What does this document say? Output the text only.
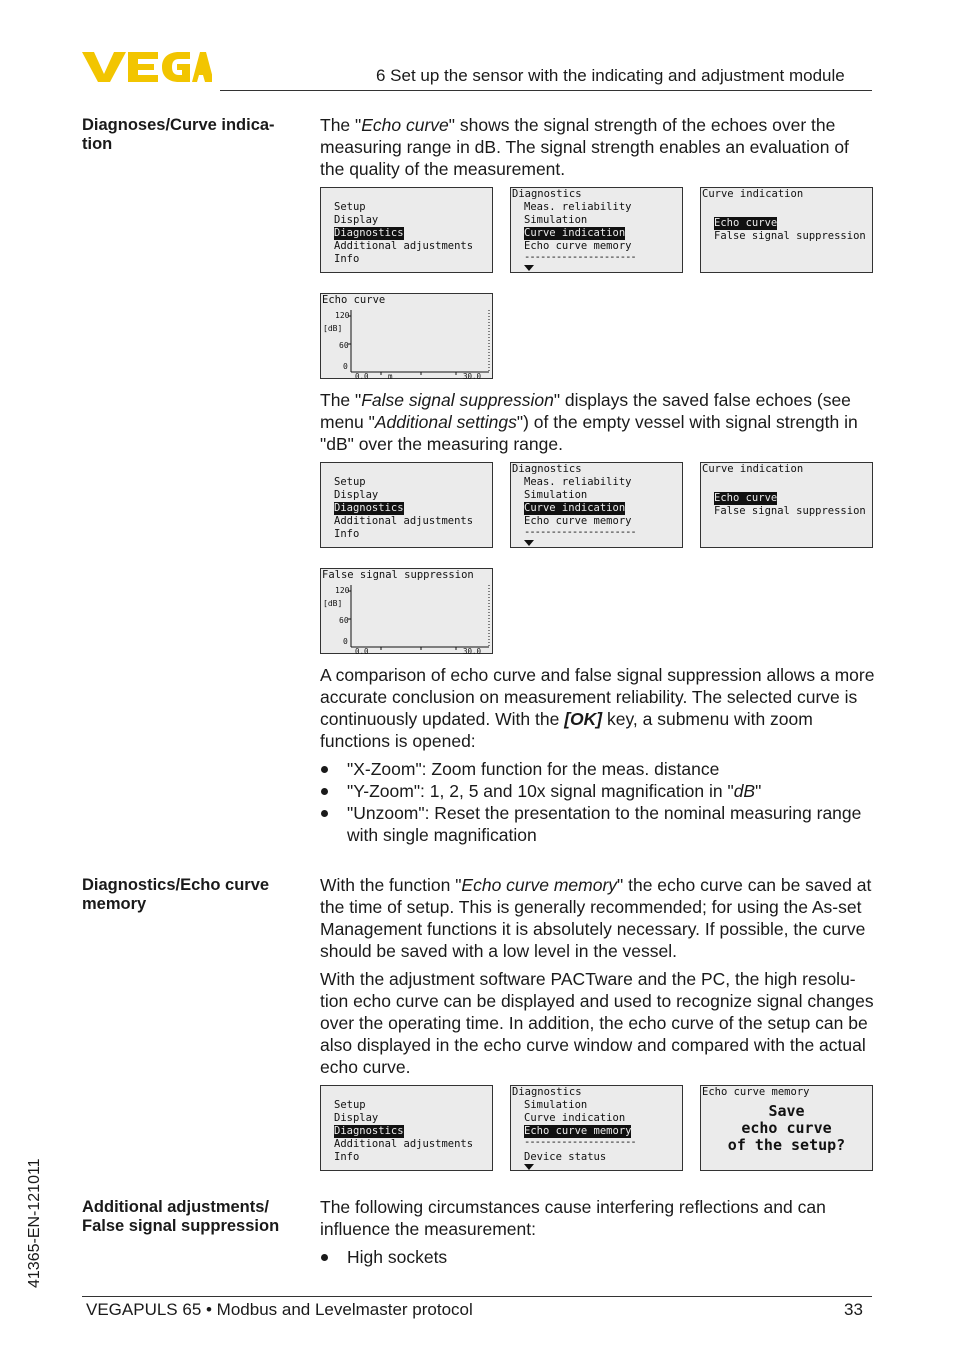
6 Set up the sensor with the indicating and adjustment module
Diagnoses/Curve indica-
tion

The "Echo curve" shows the signal strength of the echoes over the measuring range in dB. The signal strength enables an evaluation of the quality of the measurement.

Setup
Display
Diagnostics
Additional adjustments
Info
Diagnostics
Meas. reliability
Simulation
Curve indication
Echo curve memory
---------------------
Curve indication
Echo curve
False signal suppression
Echo curve
120
[dB]
60
0
0.0	m	30.0

The "False signal suppression" displays the saved false echoes (see menu "Additional settings") of the empty vessel with signal strength in "dB" over the measuring range.

Setup
Display
Diagnostics
Additional adjustments
Info
Diagnostics
Meas. reliability
Simulation
Curve indication
Echo curve memory
---------------------
Curve indication
Echo curve
False signal suppression
False signal suppression
120
[dB]
60
0
0.0	30.0

A comparison of echo curve and false signal suppression allows a more accurate conclusion on measurement reliability. The selected curve is continuously updated. With the [OK] key, a submenu with zoom functions is opened:

"X-Zoom": Zoom function for the meas. distance
"Y-Zoom": 1, 2, 5 and 10x signal magnification in "dB"
"Unzoom": Reset the presentation to the nominal measuring range with single magnification
Diagnostics/Echo curve
memory

With the function "Echo curve memory" the echo curve can be saved at the time of setup. This is generally recommended; for using the As-set Management functions it is absolutely necessary. If possible, the curve should be saved with a low level in the vessel.

With the adjustment software PACTware and the PC, the high resolu-tion echo curve can be displayed and used to recognize signal changes over the operating time. In addition, the echo curve of the setup can be also displayed in the echo curve window and compared with the actual echo curve.

Setup
Display
Diagnostics
Additional adjustments
Info
Diagnostics
Simulation
Curve indication
Echo curve memory
---------------------
Device status
Echo curve memory
Save
echo curve
of the setup?
Additional adjustments/
False signal suppression

The following circumstances cause interfering reflections and can influence the measurement:

High sockets
41365-EN-121011
VEGAPULS 65 • Modbus and Levelmaster protocol	33
